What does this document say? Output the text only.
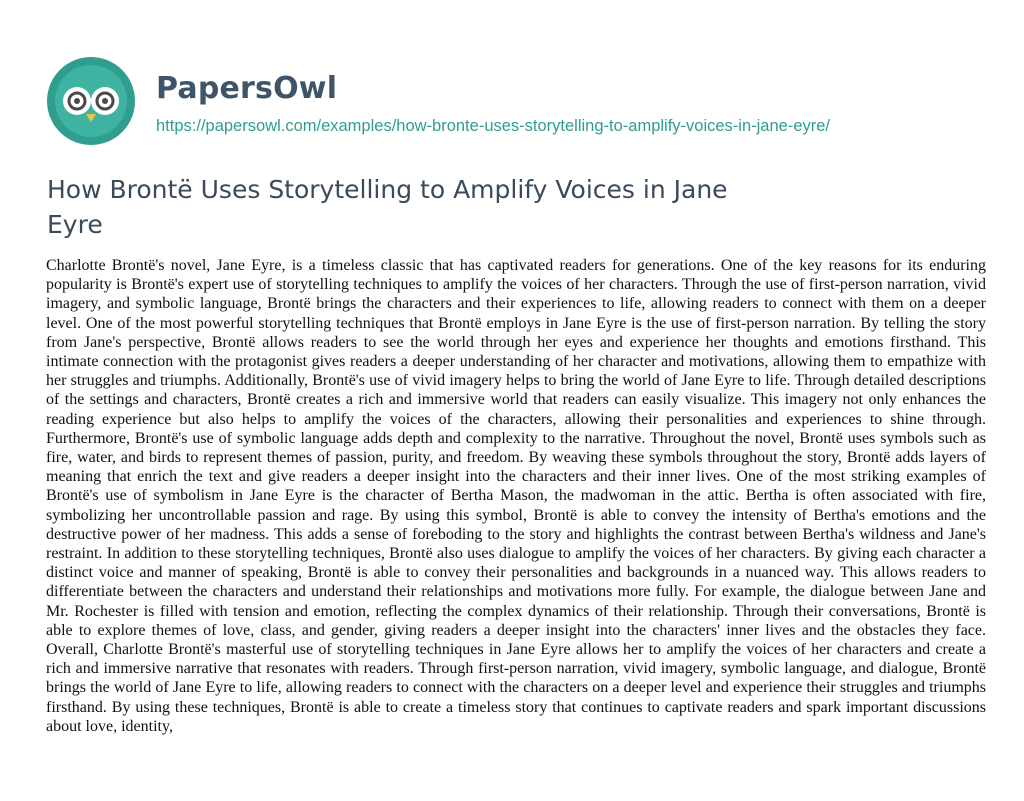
PapersOwl
https://papersowl.com/examples/how-bronte-uses-storytelling-to-amplify-voices-in-jane-eyre/
How Brontë Uses Storytelling to Amplify Voices in Jane Eyre

Charlotte Brontë's novel, Jane Eyre, is a timeless classic that has captivated readers for generations. One of the key reasons for its enduring popularity is Brontë's expert use of storytelling techniques to amplify the voices of her characters. Through the use of first-person narration, vivid imagery, and symbolic language, Brontë brings the characters and their experiences to life, allowing readers to connect with them on a deeper level. One of the most powerful storytelling techniques that Brontë employs in Jane Eyre is the use of first-person narration. By telling the story from Jane's perspective, Brontë allows readers to see the world through her eyes and experience her thoughts and emotions firsthand. This intimate connection with the protagonist gives readers a deeper understanding of her character and motivations, allowing them to empathize with her struggles and triumphs. Additionally, Brontë's use of vivid imagery helps to bring the world of Jane Eyre to life. Through detailed descriptions of the settings and characters, Brontë creates a rich and immersive world that readers can easily visualize. This imagery not only enhances the reading experience but also helps to amplify the voices of the characters, allowing their personalities and experiences to shine through. Furthermore, Brontë's use of symbolic language adds depth and complexity to the narrative. Throughout the novel, Brontë uses symbols such as fire, water, and birds to represent themes of passion, purity, and freedom. By weaving these symbols throughout the story, Brontë adds layers of meaning that enrich the text and give readers a deeper insight into the characters and their inner lives. One of the most striking examples of Brontë's use of symbolism in Jane Eyre is the character of Bertha Mason, the madwoman in the attic. Bertha is often associated with fire, symbolizing her uncontrollable passion and rage. By using this symbol, Brontë is able to convey the intensity of Bertha's emotions and the destructive power of her madness. This adds a sense of foreboding to the story and highlights the contrast between Bertha's wildness and Jane's restraint. In addition to these storytelling techniques, Brontë also uses dialogue to amplify the voices of her characters. By giving each character a distinct voice and manner of speaking, Brontë is able to convey their personalities and backgrounds in a nuanced way. This allows readers to differentiate between the characters and understand their relationships and motivations more fully. For example, the dialogue between Jane and Mr. Rochester is filled with tension and emotion, reflecting the complex dynamics of their relationship. Through their conversations, Brontë is able to explore themes of love, class, and gender, giving readers a deeper insight into the characters' inner lives and the obstacles they face. Overall, Charlotte Brontë's masterful use of storytelling techniques in Jane Eyre allows her to amplify the voices of her characters and create a rich and immersive narrative that resonates with readers. Through first-person narration, vivid imagery, symbolic language, and dialogue, Brontë brings the world of Jane Eyre to life, allowing readers to connect with the characters on a deeper level and experience their struggles and triumphs firsthand. By using these techniques, Brontë is able to create a timeless story that continues to captivate readers and spark important discussions about love, identity,
